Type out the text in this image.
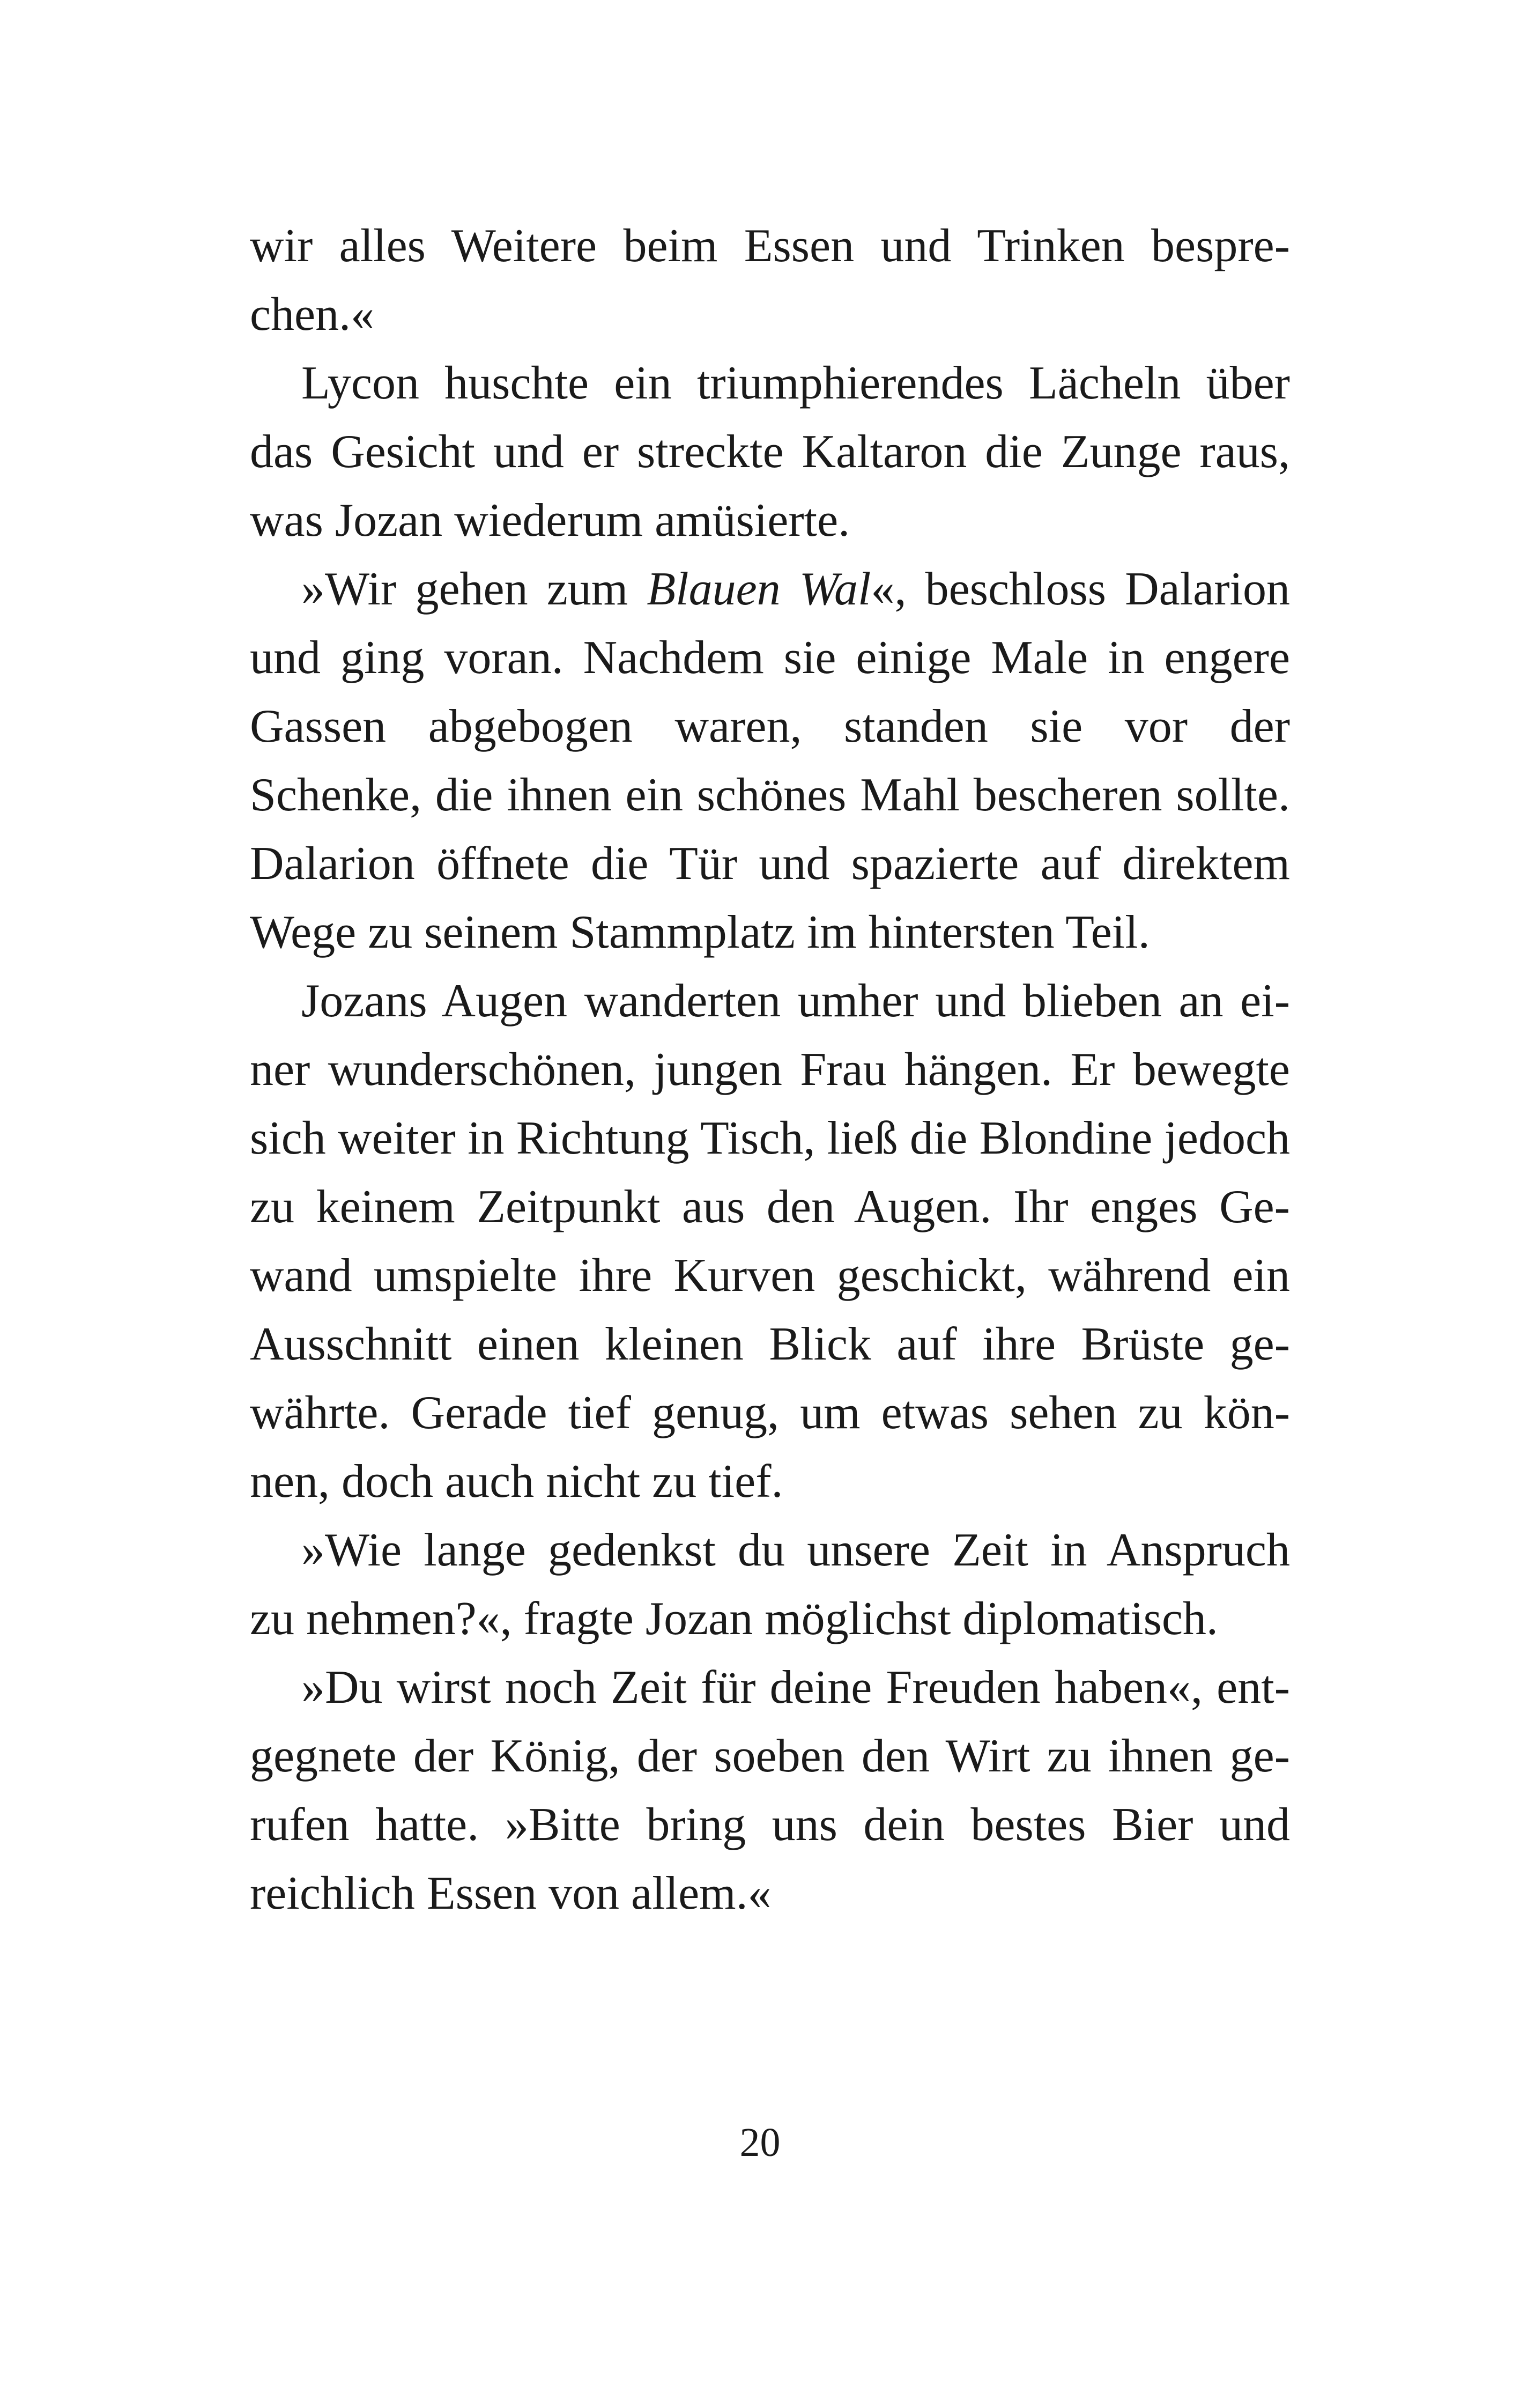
wir alles Weitere beim Essen und Trinken bespre-
chen.«
Lycon huschte ein triumphierendes Lächeln über
das Gesicht und er streckte Kaltaron die Zunge raus,
was Jozan wiederum amüsierte.
»Wir gehen zum Blauen Wal«, beschloss Dalarion
und ging voran. Nachdem sie einige Male in engere
Gassen abgebogen waren, standen sie vor der
Schenke, die ihnen ein schönes Mahl bescheren sollte.
Dalarion öffnete die Tür und spazierte auf direktem
Wege zu seinem Stammplatz im hintersten Teil.
Jozans Augen wanderten umher und blieben an ei-
ner wunderschönen, jungen Frau hängen. Er bewegte
sich weiter in Richtung Tisch, ließ die Blondine jedoch
zu keinem Zeitpunkt aus den Augen. Ihr enges Ge-
wand umspielte ihre Kurven geschickt, während ein
Ausschnitt einen kleinen Blick auf ihre Brüste ge-
währte. Gerade tief genug, um etwas sehen zu kön-
nen, doch auch nicht zu tief.
»Wie lange gedenkst du unsere Zeit in Anspruch
zu nehmen?«, fragte Jozan möglichst diplomatisch.
»Du wirst noch Zeit für deine Freuden haben«, ent-
gegnete der König, der soeben den Wirt zu ihnen ge-
rufen hatte. »Bitte bring uns dein bestes Bier und
reichlich Essen von allem.«
20
